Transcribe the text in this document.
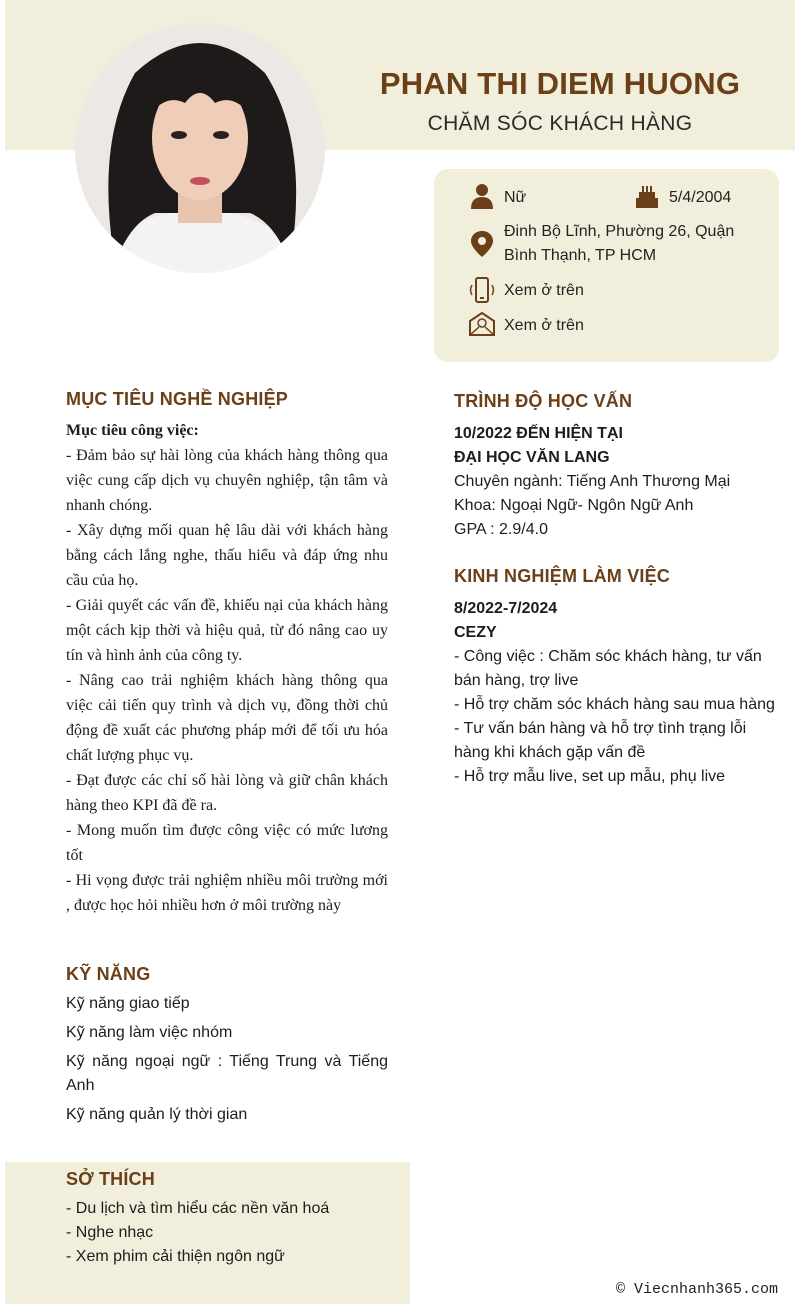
PHAN THI DIEM HUONG
CHĂM SÓC KHÁCH HÀNG
Nữ	5/4/2004
Đinh Bộ Lĩnh, Phường 26, Quận
Bình Thạnh, TP HCM
Xem ở trên
Xem ở trên
MỤC TIÊU NGHỀ NGHIỆP

Mục tiêu công việc:

- Đảm bảo sự hài lòng của khách hàng thông qua việc cung cấp dịch vụ chuyên nghiệp, tận tâm và nhanh chóng.

- Xây dựng mối quan hệ lâu dài với khách hàng bằng cách lắng nghe, thấu hiểu và đáp ứng nhu cầu của họ.

- Giải quyết các vấn đề, khiếu nại của khách hàng một cách kịp thời và hiệu quả, từ đó nâng cao uy tín và hình ảnh của công ty.

- Nâng cao trải nghiệm khách hàng thông qua việc cải tiến quy trình và dịch vụ, đồng thời chủ động đề xuất các phương pháp mới để tối ưu hóa chất lượng phục vụ.

- Đạt được các chỉ số hài lòng và giữ chân khách hàng theo KPI đã đề ra.

- Mong muốn tìm được công việc có mức lương tốt

- Hi vọng được trải nghiệm nhiều môi trường mới , được học hỏi nhiều hơn ở môi trường này

KỸ NĂNG

Kỹ năng giao tiếp

Kỹ năng làm việc nhóm

Kỹ năng ngoại ngữ : Tiếng Trung và Tiếng Anh

Kỹ năng quản lý thời gian

SỞ THÍCH

- Du lịch và tìm hiểu các nền văn hoá

- Nghe nhạc

- Xem phim cải thiện ngôn ngữ

TRÌNH ĐỘ HỌC VẤN

10/2022 ĐẾN HIỆN TẠI

ĐẠI HỌC VĂN LANG

Chuyên ngành: Tiếng Anh Thương Mại

Khoa: Ngoại Ngữ- Ngôn Ngữ Anh

GPA : 2.9/4.0

KINH NGHIỆM LÀM VIỆC

8/2022-7/2024

CEZY

- Công việc : Chăm sóc khách hàng, tư vấn bán hàng, trợ live

- Hỗ trợ chăm sóc khách hàng sau mua hàng

- Tư vấn bán hàng và hỗ trợ tình trạng lỗi hàng khi khách gặp vấn đề

- Hỗ trợ mẫu live, set up mẫu, phụ live

© Viecnhanh365.com
